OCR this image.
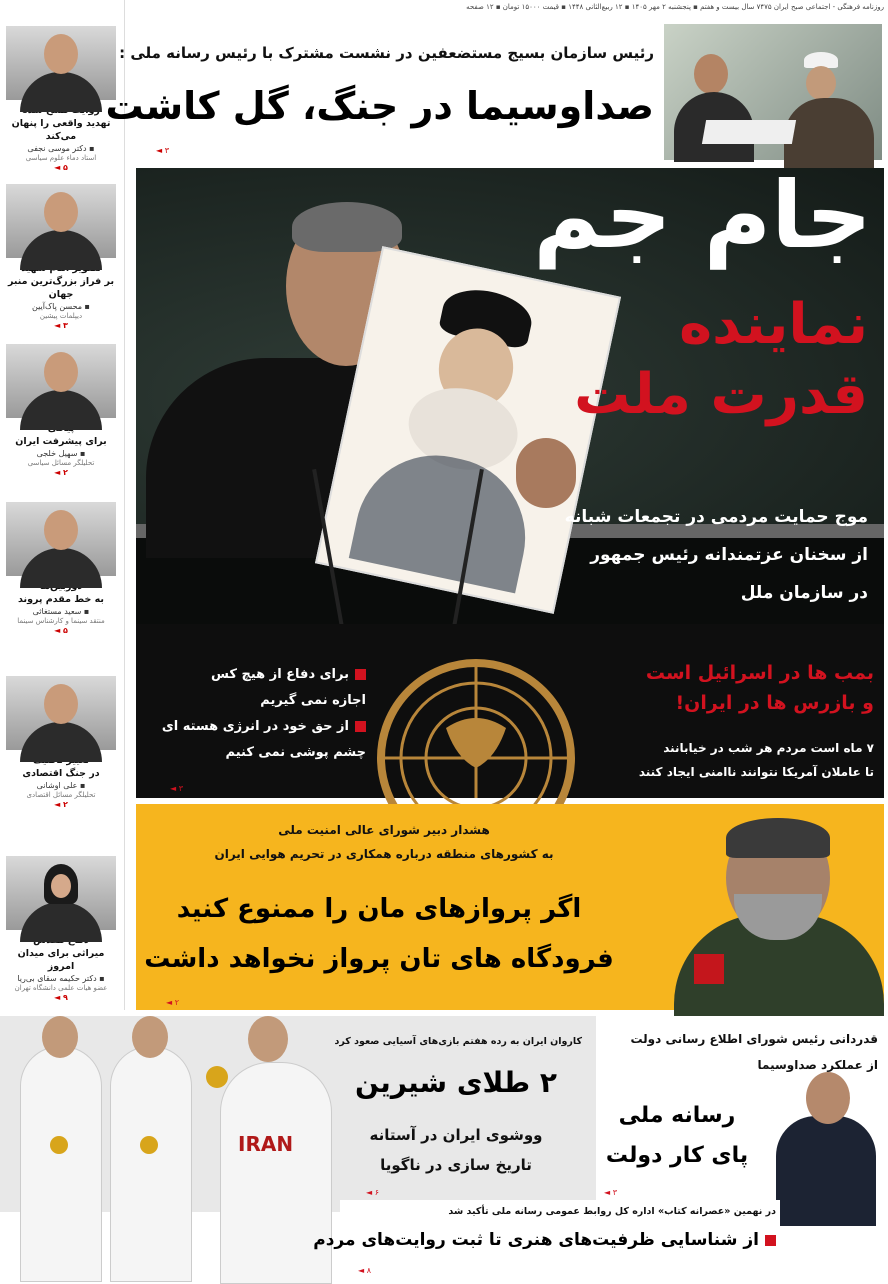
روزنامه فرهنگی - اجتماعی صبح ایران ۷۴۷۵ سال بیست و هفتم ▪ پنجشنبه ۲ مهر ۱۴۰۵ ▪ ۱۲ ربیع‌الثانی ۱۴۴۸ ▪ قیمت ۱۵۰۰۰ تومان ▪ ۱۲ صفحه
تهدید واقعی را پنهان می‌کند
▪ دکتر موسی نجفی
استاد دماء علوم سیاسی
۵ ◄
بر فراز بزرگ‌ترین منبر جهان
▪ محسن پاک‌آیین
دیپلمات پیشین
۳ ◄
برای پیشرفت ایران
▪ سهیل خلجی
تحلیلگر مسائل سیاسی
۲ ◄
به خط مقدم پروند
▪ سعید مستغاثی
منتقد سینما و کارشناس سینما
۵ ◄
در جنگ اقتصادی
▪ علی اوشانی
تحلیلگر مسائل اقتصادی
۲ ◄
میراثی برای میدان امروز
▪ دکتر حکیمه سقای بی‌ریا
عضو هیات علمی دانشگاه تهران
۹ ◄
رئیس سازمان بسیج مستضعفین در نشست مشترک با رئیس رسانه ملی :
صداوسیما در جنگ، گل کاشت
۳ ◄
جام جم
نماینده
قدرت ملت
موج حمایت مردمی در تجمعات شبانه
از سخنان عزتمندانه رئیس جمهور
در سازمان ملل
بمب ها در اسرائیل است
و بازرس ها در ایران!
۷ ماه است مردم هر شب در خیابانند
تا عاملان آمریکا نتوانند ناامنی ایجاد کنند
برای دفاع از هیچ کس
اجازه نمی گیریم
از حق خود در انرژی هسته ای
چشم پوشی نمی کنیم
۳ ◄
هشدار دبیر شورای عالی امنیت ملی
به کشورهای منطقه درباره همکاری در تحریم هوایی ایران
اگر پروازهای مان را ممنوع کنید
فرودگاه های تان پرواز نخواهد داشت
۲ ◄
IRAN
کاروان ایران به رده هفتم بازی‌های آسیایی صعود کرد
۲ طلای شیرین
ووشوی ایران در آستانه
تاریخ سازی در ناگویا
۶ ◄
قدردانی رئیس شورای اطلاع رسانی دولت
از عملکرد صداوسیما
رسانه ملی
پای کار دولت
۳ ◄
در نهمین «عصرانه کتاب» اداره کل روابط عمومی رسانه ملی تأکید شد
از شناسایی ظرفیت‌های هنری تا ثبت روایت‌های مردم
۸ ◄
